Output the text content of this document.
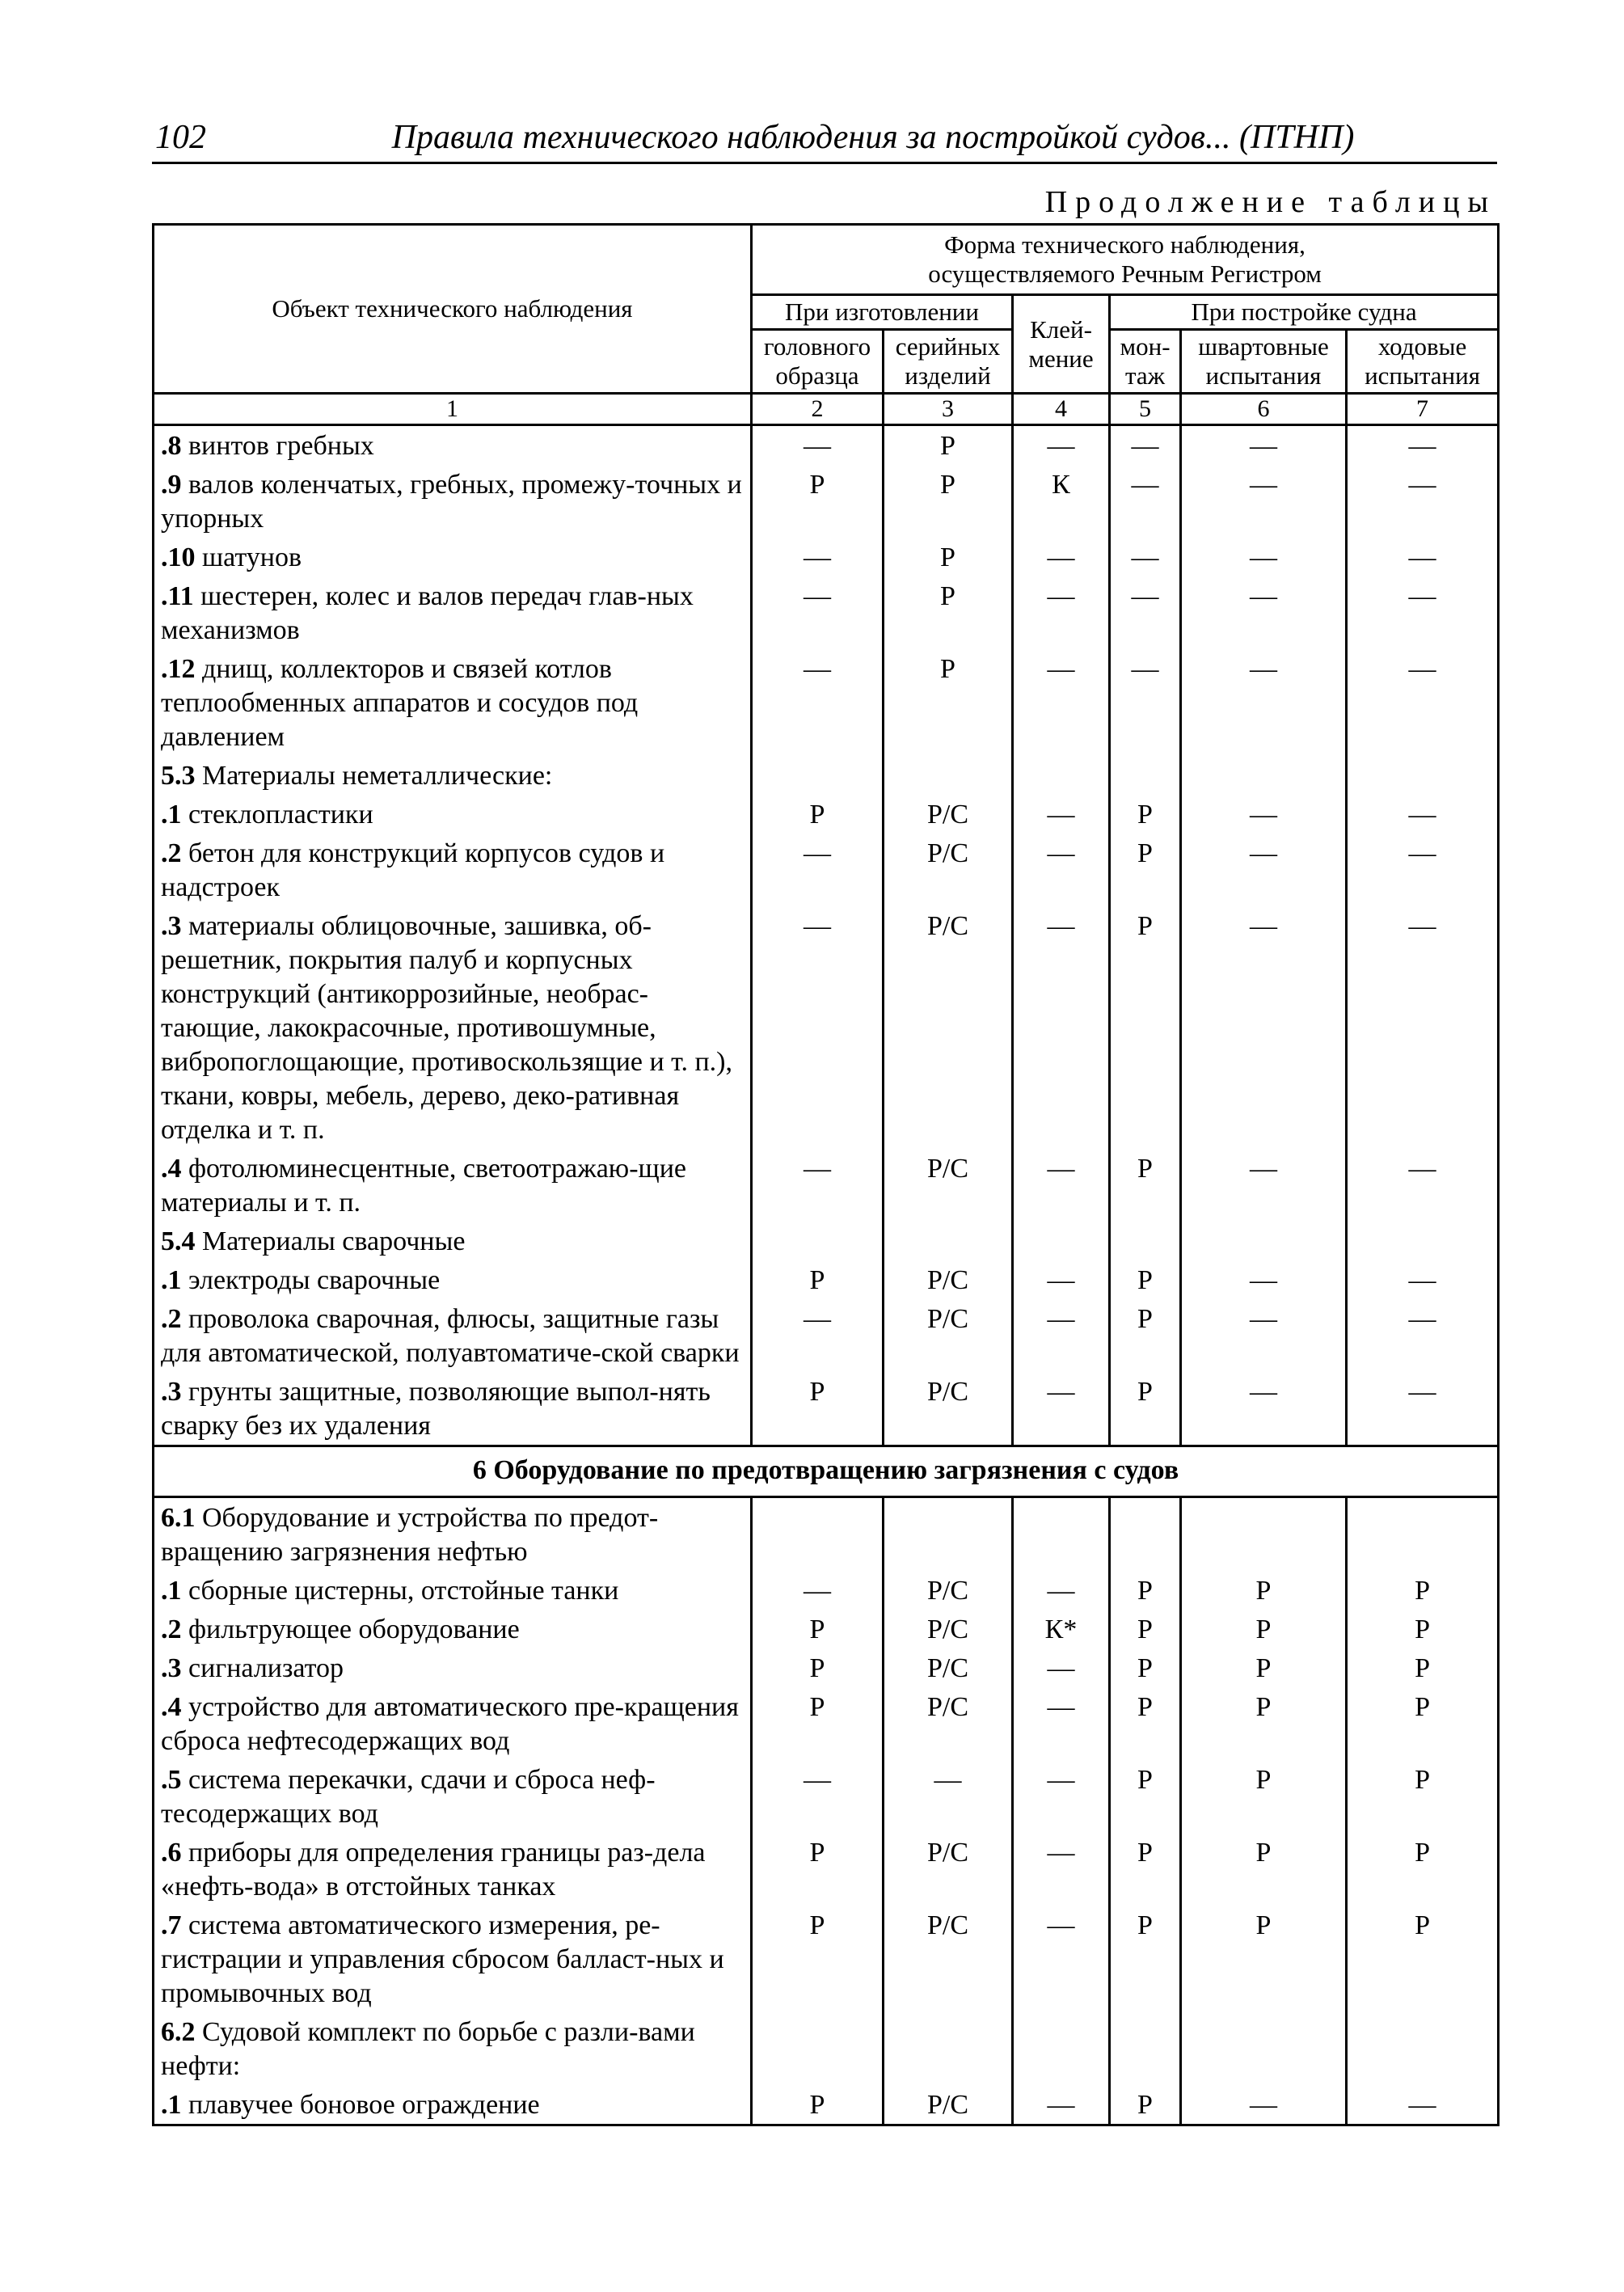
102	Правила технического наблюдения за постройкой судов... (ПТНП)
Продолжение таблицы
Объект технического наблюдения	Форма технического наблюдения, осуществляемого Речным Регистром					
	При изготовлении		Клей-мение	При постройке судна		
	головного образца	серийных изделий		мон-таж	швартовные испытания	ходовые испытания
1	2	3	4	5	6	7
.8 винтов гребных	—	Р	—	—	—	—
.9 валов коленчатых, гребных, промежу-точных и упорных	Р	Р	К	—	—	—
.10 шатунов	—	Р	—	—	—	—
.11 шестерен, колес и валов передач глав-ных механизмов	—	Р	—	—	—	—
.12 днищ, коллекторов и связей котлов теплообменных аппаратов и сосудов под давлением	—	Р	—	—	—	—
5.3 Материалы неметаллические:						
.1 стеклопластики	Р	Р/С	—	Р	—	—
.2 бетон для конструкций корпусов судов и надстроек	—	Р/С	—	Р	—	—
.3 материалы облицовочные, зашивка, об-решетник, покрытия палуб и корпусных конструкций (антикоррозийные, необрас-тающие, лакокрасочные, противошумные, вибропоглощающие, противоскользящие и т. п.), ткани, ковры, мебель, дерево, деко-ративная отделка и т. п.	—	Р/С	—	Р	—	—
.4 фотолюминесцентные, светоотражаю-щие материалы и т. п.	—	Р/С	—	Р	—	—
5.4 Материалы сварочные						
.1 электроды сварочные	Р	Р/С	—	Р	—	—
.2 проволока сварочная, флюсы, защитные газы для автоматической, полуавтоматиче-ской сварки	—	Р/С	—	Р	—	—
.3 грунты защитные, позволяющие выпол-нять сварку без их удаления	Р	Р/С	—	Р	—	—
6 Оборудование по предотвращению загрязнения с судов						
6.1 Оборудование и устройства по предот-вращению загрязнения нефтью						
.1 сборные цистерны, отстойные танки	—	Р/С	—	Р	Р	Р
.2 фильтрующее оборудование	Р	Р/С	К*	Р	Р	Р
.3 сигнализатор	Р	Р/С	—	Р	Р	Р
.4 устройство для автоматического пре-кращения сброса нефтесодержащих вод	Р	Р/С	—	Р	Р	Р
.5 система перекачки, сдачи и сброса неф-тесодержащих вод	—	—	—	Р	Р	Р
.6 приборы для определения границы раз-дела «нефть-вода» в отстойных танках	Р	Р/С	—	Р	Р	Р
.7 система автоматического измерения, ре-гистрации и управления сбросом балласт-ных и промывочных вод	Р	Р/С	—	Р	Р	Р
6.2 Судовой комплект по борьбе с разли-вами нефти:						
.1 плавучее боновое ограждение	Р	Р/С	—	Р	—	—
